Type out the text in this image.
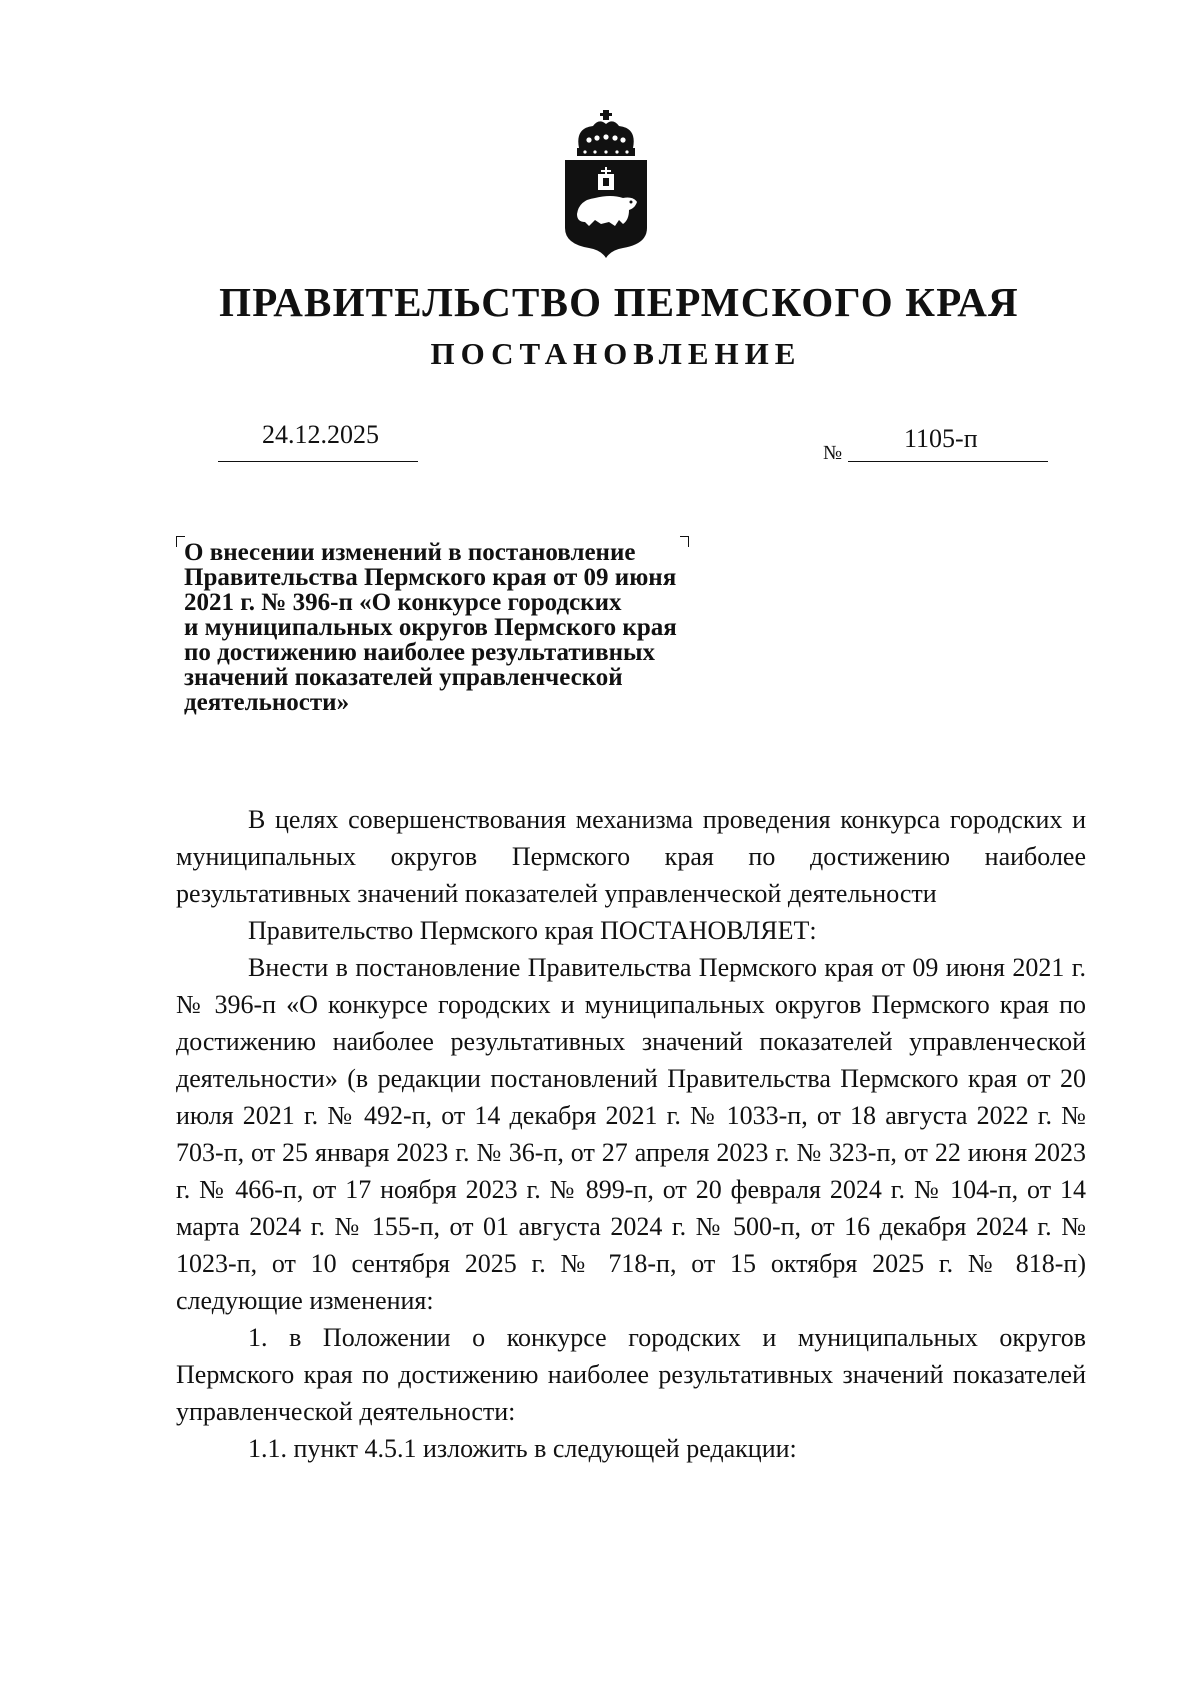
ПРАВИТЕЛЬСТВО ПЕРМСКОГО КРАЯ
ПОСТАНОВЛЕНИЕ
24.12.2025
№ 1105-п
О внесении изменений в постановление
Правительства Пермского края от 09 июня
2021 г. № 396-п «О конкурсе городских
и муниципальных округов Пермского края
по достижению наиболее результативных
значений показателей управленческой
деятельности»

В целях совершенствования механизма проведения конкурса городских и муниципальных округов Пермского края по достижению наиболее результативных значений показателей управленческой деятельности

Правительство Пермского края ПОСТАНОВЛЯЕТ:

Внести в постановление Правительства Пермского края от 09 июня 2021 г. № 396-п «О конкурсе городских и муниципальных округов Пермского края по достижению наиболее результативных значений показателей управленческой деятельности» (в редакции постановлений Правительства Пермского края от 20 июля 2021 г. № 492-п, от 14 декабря 2021 г. № 1033-п, от 18 августа 2022 г. № 703-п, от 25 января 2023 г. № 36-п, от 27 апреля 2023 г. № 323-п, от 22 июня 2023 г. № 466-п, от 17 ноября 2023 г. № 899-п, от 20 февраля 2024 г. № 104-п, от 14 марта 2024 г. № 155-п, от 01 августа 2024 г. № 500-п, от 16 декабря 2024 г. № 1023-п, от 10 сентября 2025 г. № 718-п, от 15 октября 2025 г. № 818-п) следующие изменения:

1. в Положении о конкурсе городских и муниципальных округов Пермского края по достижению наиболее результативных значений показателей управленческой деятельности:

1.1. пункт 4.5.1 изложить в следующей редакции:
